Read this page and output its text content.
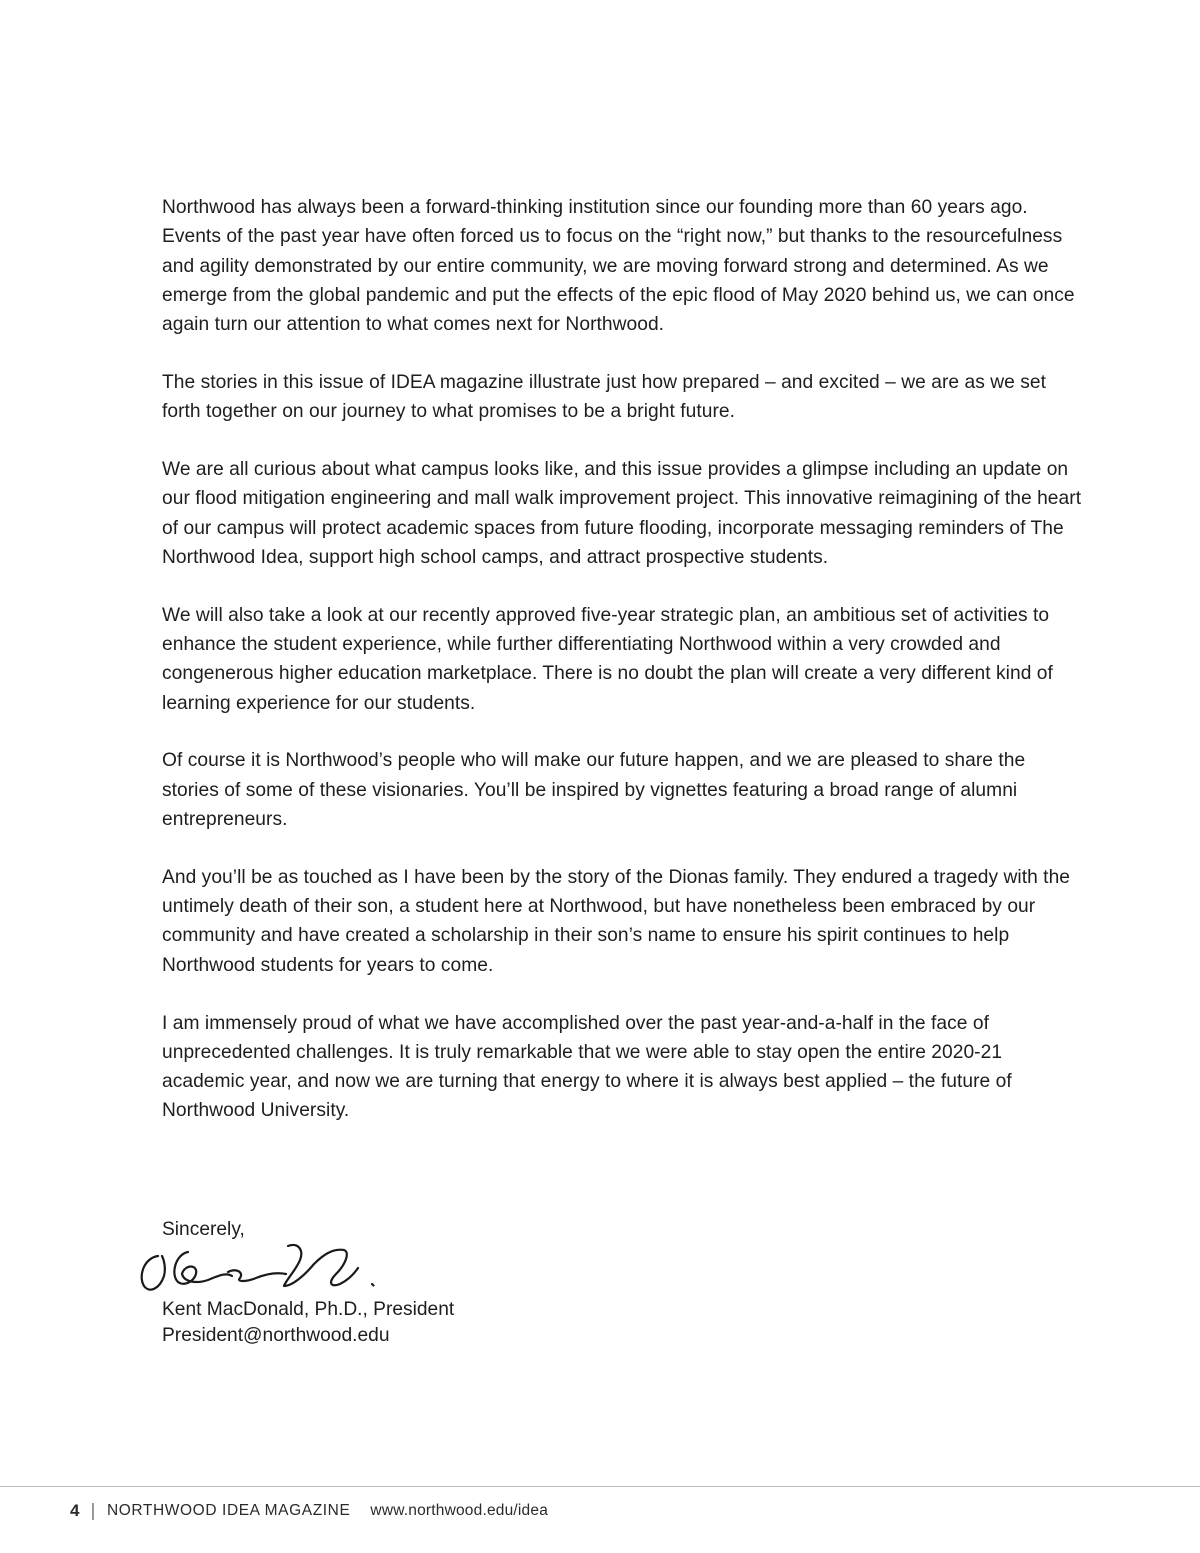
Northwood has always been a forward-thinking institution since our founding more than 60 years ago. Events of the past year have often forced us to focus on the “right now,” but thanks to the resourcefulness and agility demonstrated by our entire community, we are moving forward strong and determined. As we emerge from the global pandemic and put the effects of the epic flood of May 2020 behind us, we can once again turn our attention to what comes next for Northwood.

The stories in this issue of IDEA magazine illustrate just how prepared – and excited – we are as we set forth together on our journey to what promises to be a bright future.

We are all curious about what campus looks like, and this issue provides a glimpse including an update on our flood mitigation engineering and mall walk improvement project. This innovative reimagining of the heart of our campus will protect academic spaces from future flooding, incorporate messaging reminders of The Northwood Idea, support high school camps, and attract prospective students.

We will also take a look at our recently approved five-year strategic plan, an ambitious set of activities to enhance the student experience, while further differentiating Northwood within a very crowded and congenerous higher education marketplace. There is no doubt the plan will create a very different kind of learning experience for our students.

Of course it is Northwood’s people who will make our future happen, and we are pleased to share the stories of some of these visionaries. You’ll be inspired by vignettes featuring a broad range of alumni entrepreneurs.

And you’ll be as touched as I have been by the story of the Dionas family. They endured a tragedy with the untimely death of their son, a student here at Northwood, but have nonetheless been embraced by our community and have created a scholarship in their son’s name to ensure his spirit continues to help Northwood students for years to come.

I am immensely proud of what we have accomplished over the past year-and-a-half in the face of unprecedented challenges. It is truly remarkable that we were able to stay open the entire 2020-21 academic year, and now we are turning that energy to where it is always best applied – the future of Northwood University.

Sincerely,

Kent MacDonald, Ph.D., President
President@northwood.edu
4 NORTHWOOD IDEA MAGAZINE www.northwood.edu/idea
